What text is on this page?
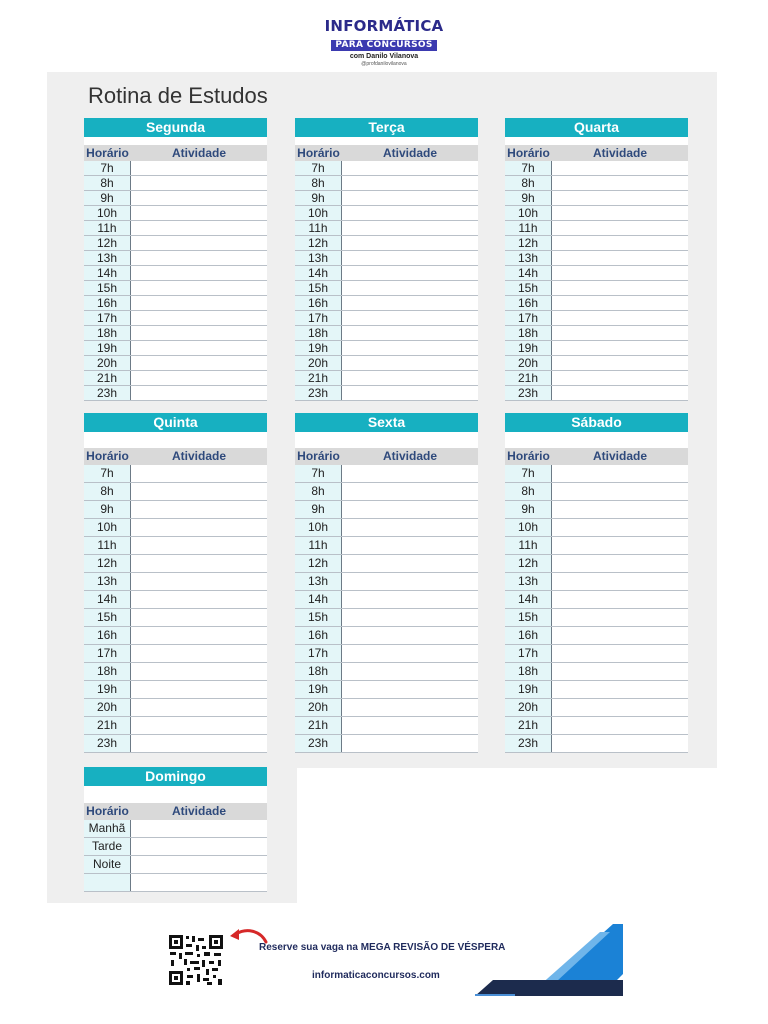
INFORMÁTICA
PARA CONCURSOS
com Danilo Vilanova
@profdanilovilanova
Rotina de Estudos
Segunda
Horário	Atividade
7h
8h
9h
10h
11h
12h
13h
14h
15h
16h
17h
18h
19h
20h
21h
23h
Terça
Horário	Atividade
7h
8h
9h
10h
11h
12h
13h
14h
15h
16h
17h
18h
19h
20h
21h
23h
Quarta
Horário	Atividade
7h
8h
9h
10h
11h
12h
13h
14h
15h
16h
17h
18h
19h
20h
21h
23h
Quinta
Horário	Atividade
7h
8h
9h
10h
11h
12h
13h
14h
15h
16h
17h
18h
19h
20h
21h
23h
Sexta
Horário	Atividade
7h
8h
9h
10h
11h
12h
13h
14h
15h
16h
17h
18h
19h
20h
21h
23h
Sábado
Horário	Atividade
7h
8h
9h
10h
11h
12h
13h
14h
15h
16h
17h
18h
19h
20h
21h
23h
Domingo
Horário	Atividade
Manhã
Tarde
Noite
Reserve sua vaga na MEGA REVISÃO DE VÉSPERA
informaticaconcursos.com
